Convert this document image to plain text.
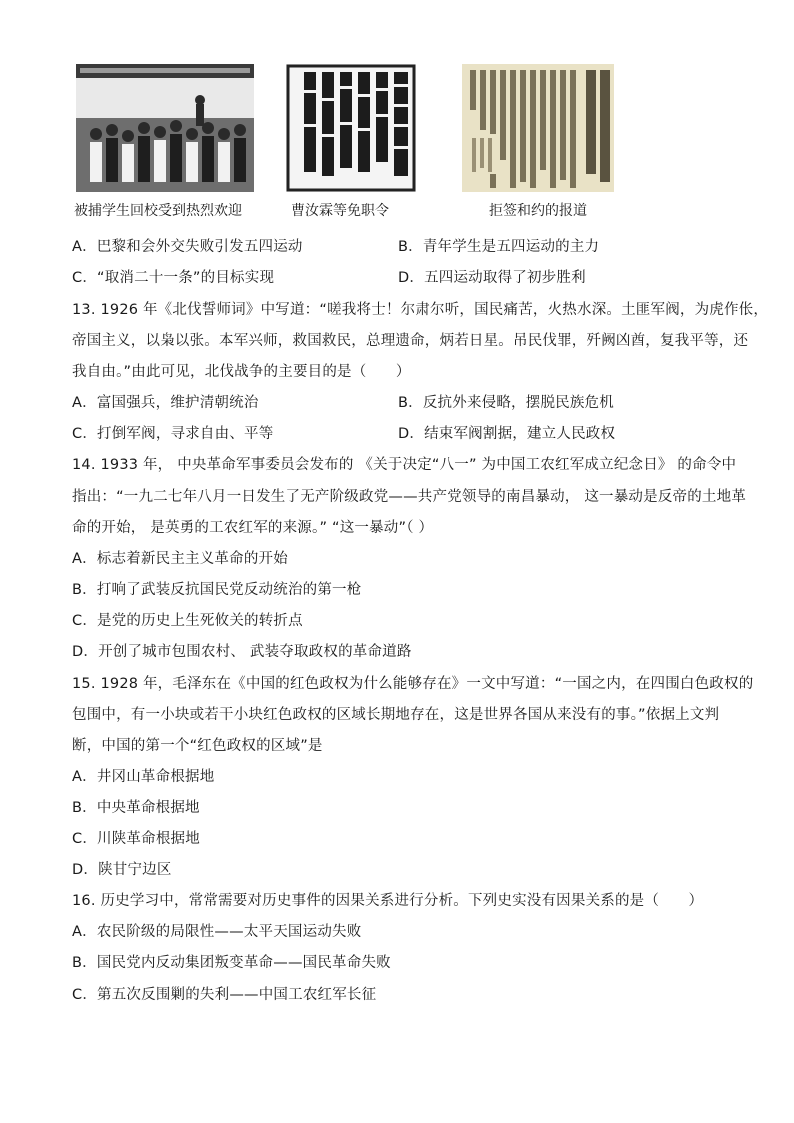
被捕学生回校受到热烈欢迎	曹汝霖等免职令	拒签和约的报道
A．巴黎和会外交失败引发五四运动	B．青年学生是五四运动的主力
C．“取消二十一条”的目标实现	D．五四运动取得了初步胜利
13. 1926 年《北伐誓师词》中写道：“嗟我将士！尔肃尔听，国民痛苦，火热水深。土匪军阀，为虎作伥，
帝国主义，以枭以张。本军兴师，救国救民，总理遗命，炳若日星。吊民伐罪，歼阙凶酋，复我平等，还
我自由。”由此可见，北伐战争的主要目的是（　　）
A．富国强兵，维护清朝统治	B．反抗外来侵略，摆脱民族危机
C．打倒军阀，寻求自由、平等	D．结束军阀割据，建立人民政权
14. 1933 年， 中央革命军事委员会发布的 《关于决定“八一” 为中国工农红军成立纪念日》 的命令中
指出：“一九二七年八月一日发生了无产阶级政党——共产党领导的南昌暴动， 这一暴动是反帝的土地革
命的开始， 是英勇的工农红军的来源。” “这一暴动”（ ）
A．标志着新民主主义革命的开始
B．打响了武装反抗国民党反动统治的第一枪
C．是党的历史上生死攸关的转折点
D．开创了城市包围农村、 武装夺取政权的革命道路
15. 1928 年，毛泽东在《中国的红色政权为什么能够存在》一文中写道：“一国之内，在四围白色政权的
包围中，有一小块或若干小块红色政权的区域长期地存在，这是世界各国从来没有的事。”依据上文判
断，中国的第一个“红色政权的区域”是
A．井冈山革命根据地
B．中央革命根据地
C．川陕革命根据地
D．陕甘宁边区
16. 历史学习中，常常需要对历史事件的因果关系进行分析。下列史实没有因果关系的是（　　）
A．农民阶级的局限性——太平天国运动失败
B．国民党内反动集团叛变革命——国民革命失败
C．第五次反围剿的失利——中国工农红军长征
